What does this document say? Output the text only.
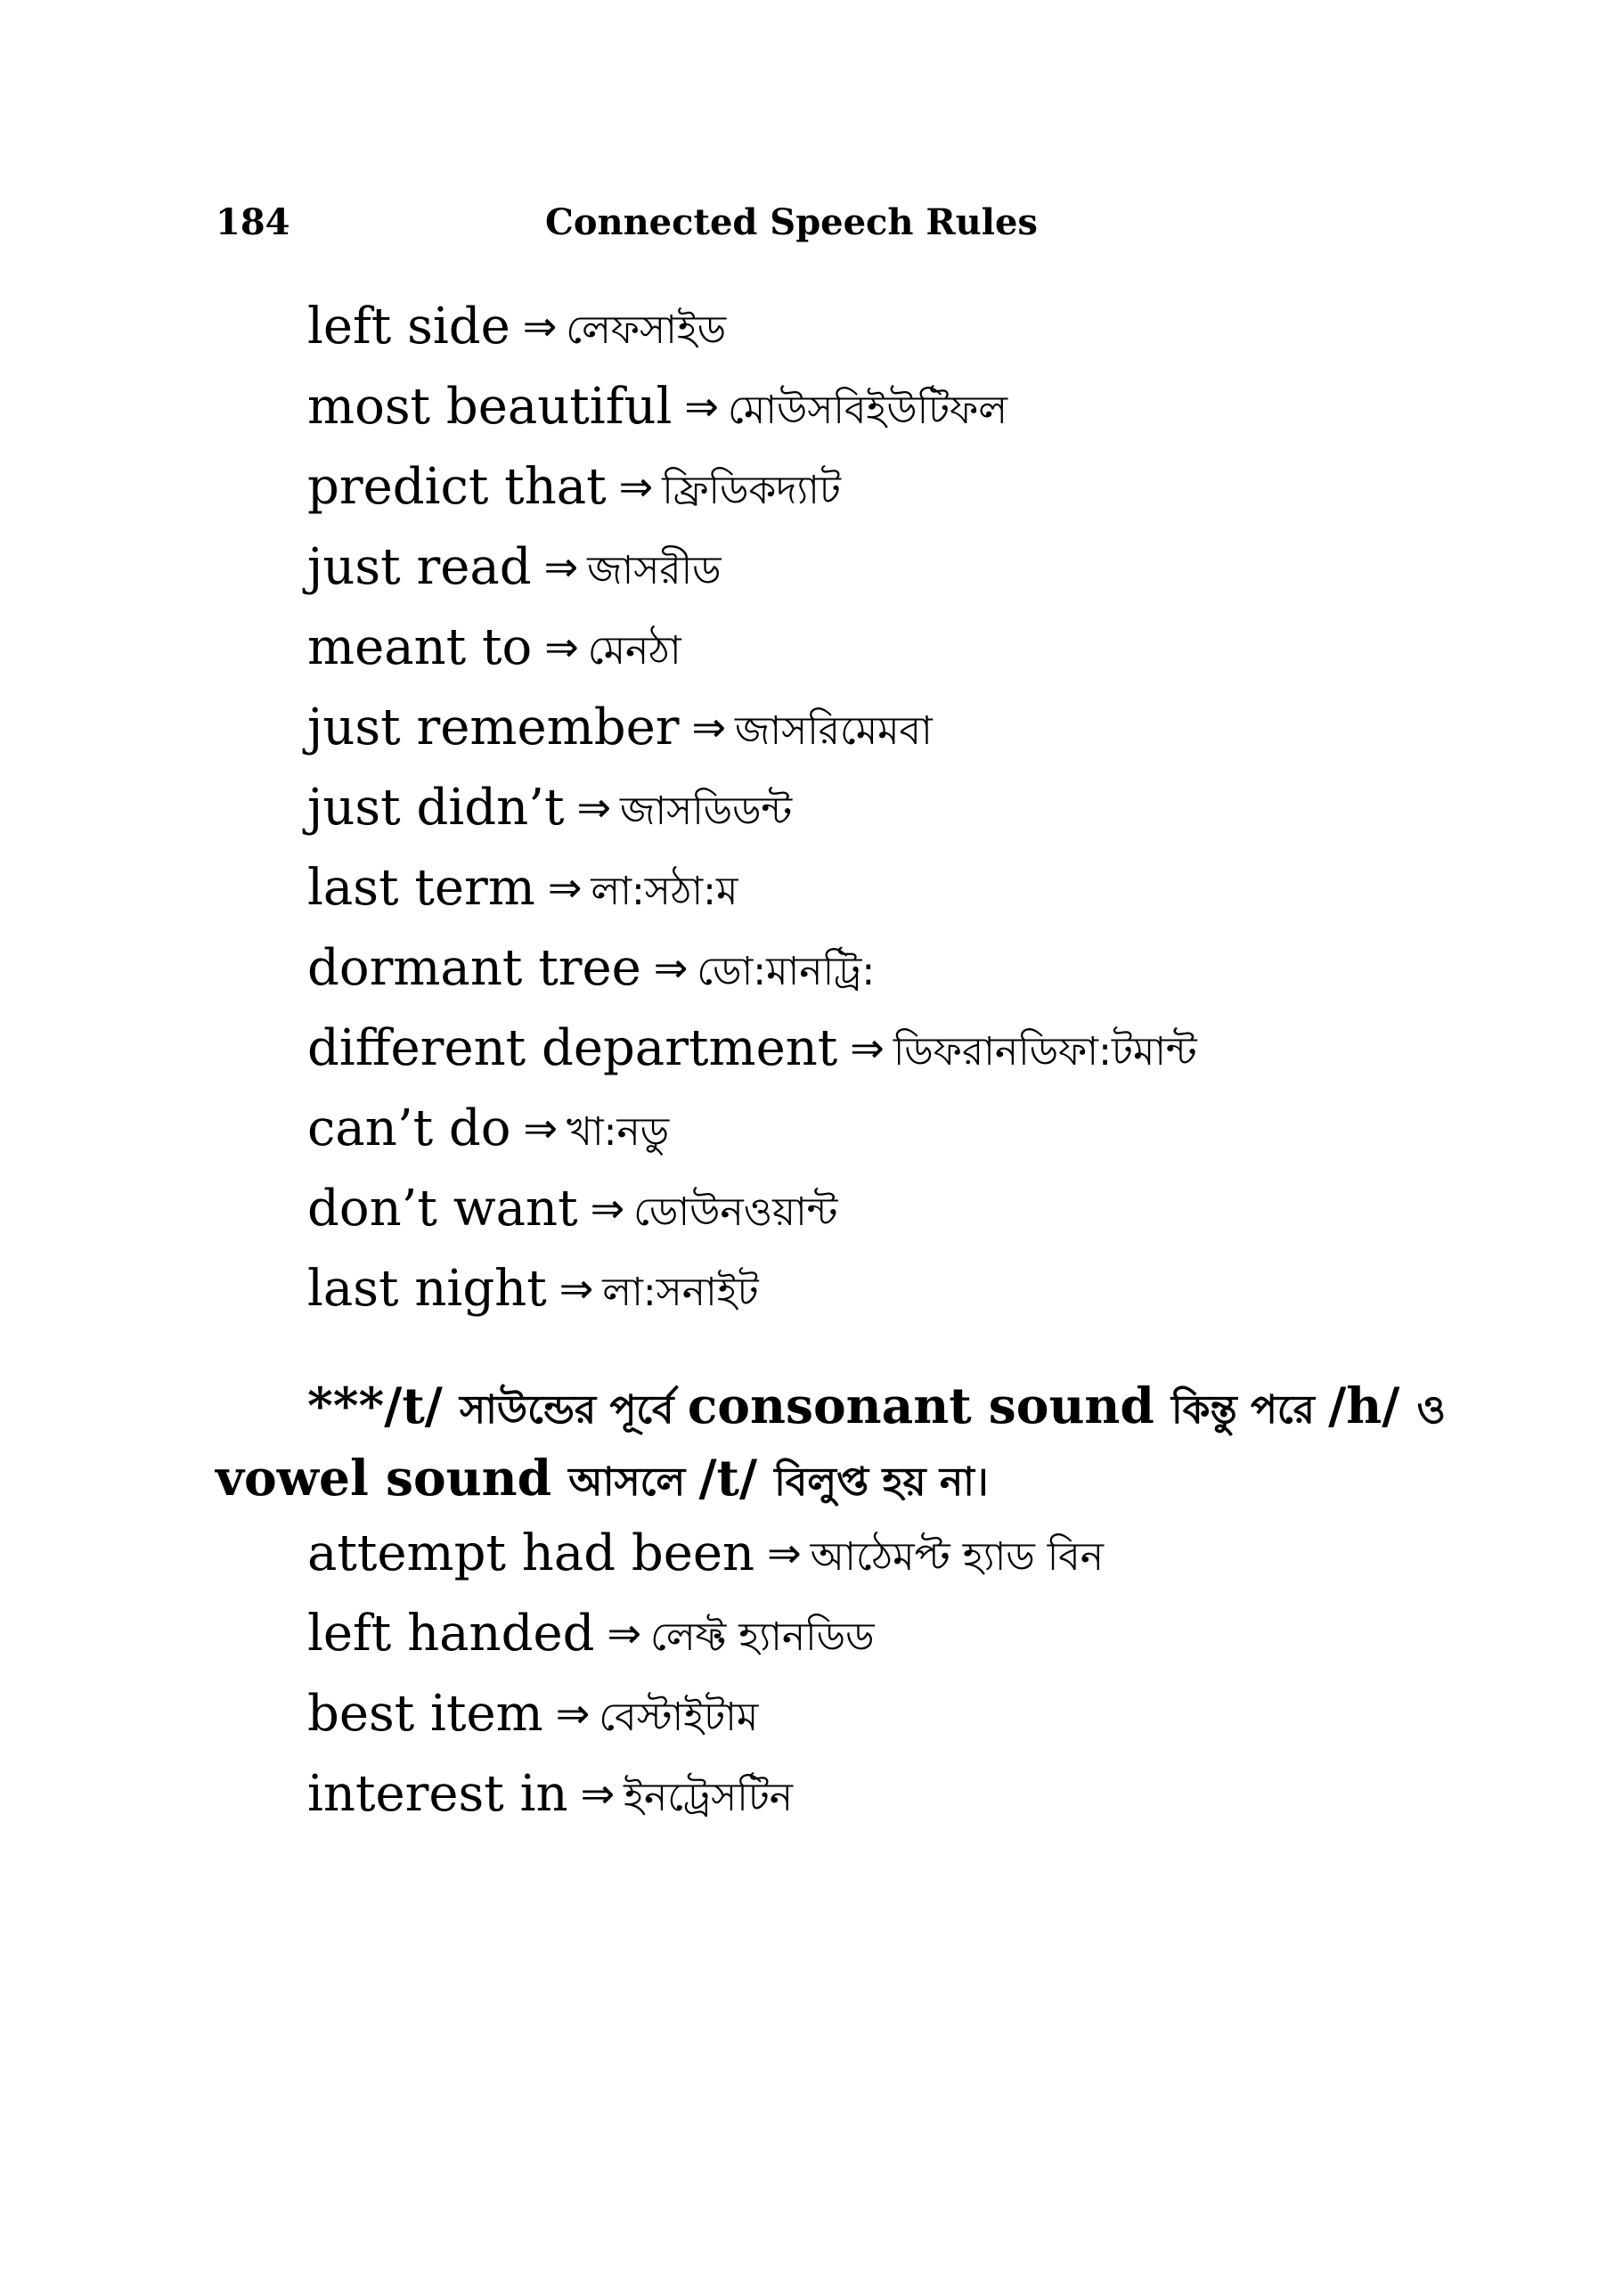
184	Connected Speech Rules
left side ⇒ লেফসাইড
most beautiful ⇒ মোউসবিইউটিফল
predict that ⇒ ফ্রিডিকদ্যাট
just read ⇒ জাসরীড
meant to ⇒ মেনঠা
just remember ⇒ জাসরিমেমবা
just didn’t ⇒ জাসডিডন্ট
last term ⇒ লা:সঠা:ম
dormant tree ⇒ ডো:মানট্রি:
different department ⇒ ডিফরানডিফা:টমান্ট
can’t do ⇒ খা:নডু
don’t want ⇒ ডোউনওয়ান্ট
last night ⇒ লা:সনাইট
***/t/ সাউন্ডের পূর্বে consonant sound কিন্তু পরে /h/ ও
vowel sound আসলে /t/ বিলুপ্ত হয় না।
attempt had been ⇒ আঠেমপ্ট হ্যাড বিন
left handed ⇒ লেফ্ট হ্যানডিড
best item ⇒ বেস্টাইটাম
interest in ⇒ ইনট্রেসটিন
